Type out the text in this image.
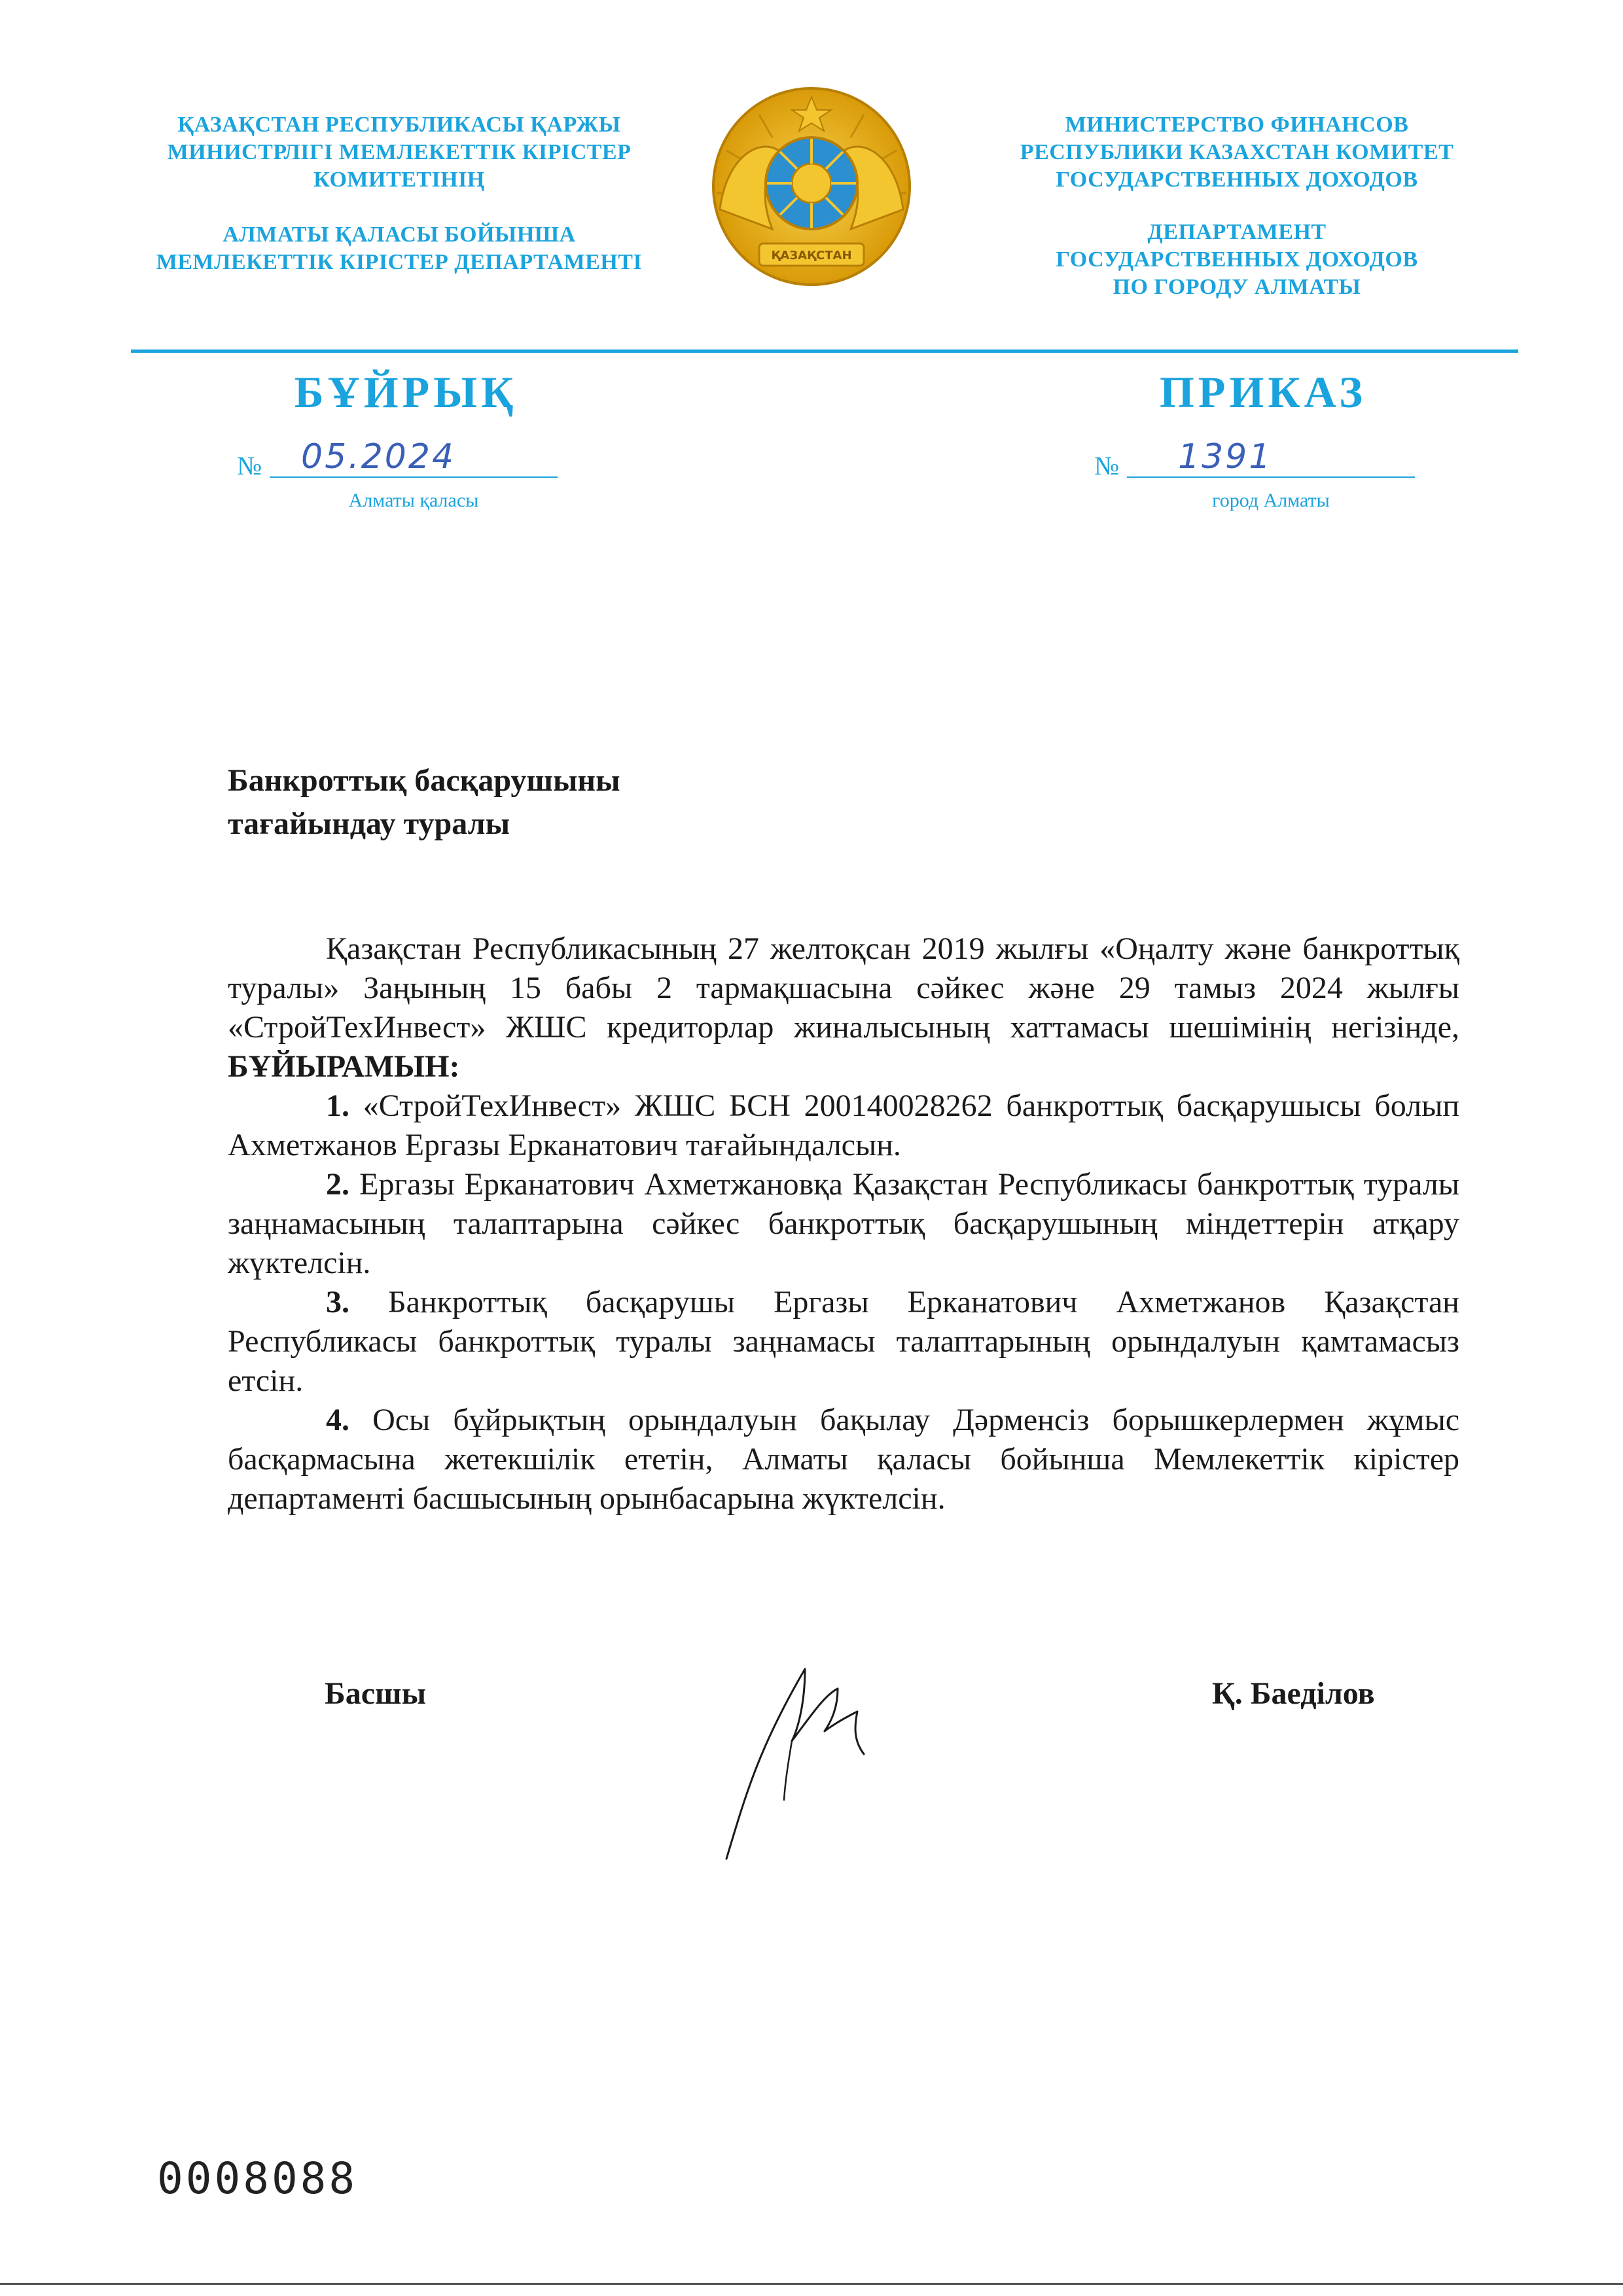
ҚАЗАҚСТАН РЕСПУБЛИКАСЫ ҚАРЖЫ
МИНИСТРЛІГІ МЕМЛЕКЕТТІК КІРІСТЕР
КОМИТЕТІНІҢ
АЛМАТЫ ҚАЛАСЫ БОЙЫНША
МЕМЛЕКЕТТІК КІРІСТЕР ДЕПАРТАМЕНТІ	ҚАЗАҚСТАН
МИНИСТЕРСТВО ФИНАНСОВ
РЕСПУБЛИКИ КАЗАХСТАН КОМИТЕТ
ГОСУДАРСТВЕННЫХ ДОХОДОВ
ДЕПАРТАМЕНТ
ГОСУДАРСТВЕННЫХ ДОХОДОВ
ПО ГОРОДУ АЛМАТЫ
БҰЙРЫҚ	ПРИКАЗ
№ 05.2024	№ 1391
Алматы қаласы	город Алматы
Банкроттық басқарушыны
тағайындау туралы

Қазақстан Республикасының 27 желтоқсан 2019 жылғы «Оңалту және банкроттық туралы» Заңының 15 бабы 2 тармақшасына сәйкес және 29 тамыз 2024 жылғы «СтройТехИнвест» ЖШС кредиторлар жиналысының хаттамасы шешімінің негізінде, БҰЙЫРАМЫН:

1. «СтройТехИнвест» ЖШС БСН 200140028262 банкроттық басқарушысы болып Ахметжанов Ергазы Ерканатович тағайындалсын.

2. Ергазы Ерканатович Ахметжановқа Қазақстан Республикасы банкроттық туралы заңнамасының талаптарына сәйкес банкроттық басқарушының міндеттерін атқару жүктелсін.

3. Банкроттық басқарушы Ергазы Ерканатович Ахметжанов Қазақстан Республикасы банкроттық туралы заңнамасы талаптарының орындалуын қамтамасыз етсін.

4. Осы бұйрықтың орындалуын бақылау Дәрменсіз борышкерлермен жұмыс басқармасына жетекшілік ететін, Алматы қаласы бойынша Мемлекеттік кірістер департаменті басшысының орынбасарына жүктелсін.

Басшы	Қ. Баеділов
0008088
